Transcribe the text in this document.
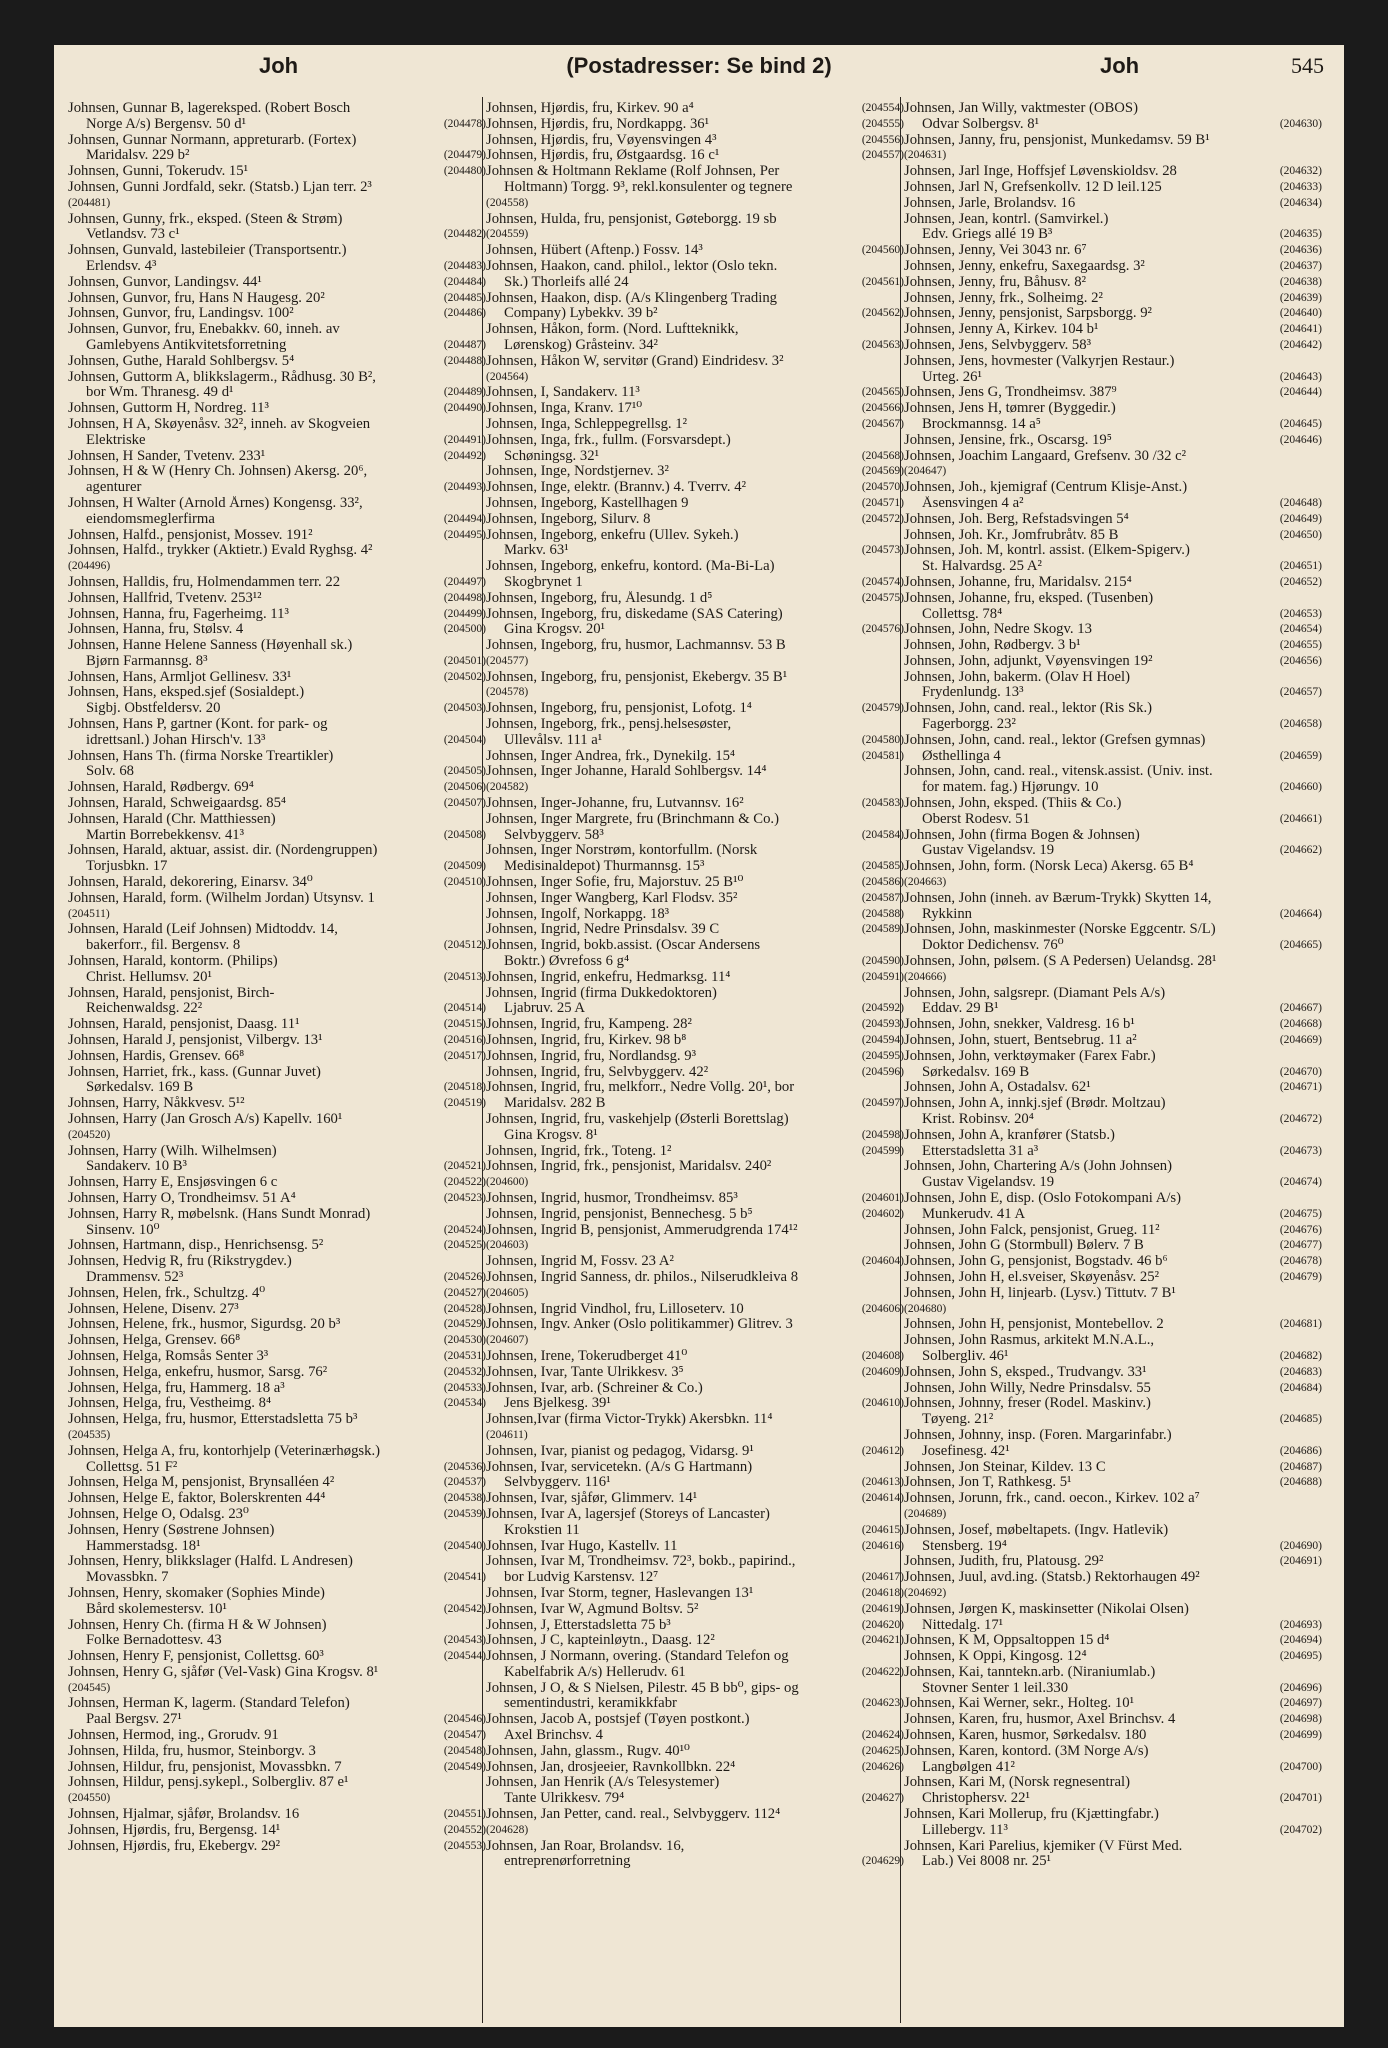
Joh	(Postadresser: Se bind 2)	Joh	545
Johnsen, Gunnar B, lagereksped. (Robert Bosch
Norge A/s) Bergensv. 50 d¹	(204478)
Johnsen, Gunnar Normann, appreturarb. (Fortex)
Maridalsv. 229 b²	(204479)
Johnsen, Gunni, Tokerudv. 15¹	(204480)
Johnsen, Gunni Jordfald, sekr. (Statsb.) Ljan terr. 2³
(204481)
Johnsen, Gunny, frk., eksped. (Steen & Strøm)
Vetlandsv. 73 c¹	(204482)
Johnsen, Gunvald, lastebileier (Transportsentr.)
Erlendsv. 4³	(204483)
Johnsen, Gunvor, Landingsv. 44¹	(204484)
Johnsen, Gunvor, fru, Hans N Haugesg. 20²	(204485)
Johnsen, Gunvor, fru, Landingsv. 100²	(204486)
Johnsen, Gunvor, fru, Enebakkv. 60, inneh. av
Gamlebyens Antikvitetsforretning	(204487)
Johnsen, Guthe, Harald Sohlbergsv. 5⁴	(204488)
Johnsen, Guttorm A, blikkslagerm., Rådhusg. 30 B²,
bor Wm. Thranesg. 49 d¹	(204489)
Johnsen, Guttorm H, Nordreg. 11³	(204490)
Johnsen, H A, Skøyenåsv. 32², inneh. av Skogveien
Elektriske	(204491)
Johnsen, H Sander, Tvetenv. 233¹	(204492)
Johnsen, H & W (Henry Ch. Johnsen) Akersg. 20⁶,
agenturer	(204493)
Johnsen, H Walter (Arnold Årnes) Kongensg. 33²,
eiendomsmeglerfirma	(204494)
Johnsen, Halfd., pensjonist, Mossev. 191²	(204495)
Johnsen, Halfd., trykker (Aktietr.) Evald Ryghsg. 4²
(204496)
Johnsen, Halldis, fru, Holmendammen terr. 22	(204497)
Johnsen, Hallfrid, Tvetenv. 253¹²	(204498)
Johnsen, Hanna, fru, Fagerheimg. 11³	(204499)
Johnsen, Hanna, fru, Stølsv. 4	(204500)
Johnsen, Hanne Helene Sanness (Høyenhall sk.)
Bjørn Farmannsg. 8³	(204501)
Johnsen, Hans, Armljot Gellinesv. 33¹	(204502)
Johnsen, Hans, eksped.sjef (Sosialdept.)
Sigbj. Obstfeldersv. 20	(204503)
Johnsen, Hans P, gartner (Kont. for park- og
idrettsanl.) Johan Hirsch'v. 13³	(204504)
Johnsen, Hans Th. (firma Norske Treartikler)
Solv. 68	(204505)
Johnsen, Harald, Rødbergv. 69⁴	(204506)
Johnsen, Harald, Schweigaardsg. 85⁴	(204507)
Johnsen, Harald (Chr. Matthiessen)
Martin Borrebekkensv. 41³	(204508)
Johnsen, Harald, aktuar, assist. dir. (Nordengruppen)
Torjusbkn. 17	(204509)
Johnsen, Harald, dekorering, Einarsv. 34⁰	(204510)
Johnsen, Harald, form. (Wilhelm Jordan) Utsynsv. 1
(204511)
Johnsen, Harald (Leif Johnsen) Midtoddv. 14,
bakerforr., fil. Bergensv. 8	(204512)
Johnsen, Harald, kontorm. (Philips)
Christ. Hellumsv. 20¹	(204513)
Johnsen, Harald, pensjonist, Birch-
Reichenwaldsg. 22²	(204514)
Johnsen, Harald, pensjonist, Daasg. 11¹	(204515)
Johnsen, Harald J, pensjonist, Vilbergv. 13¹	(204516)
Johnsen, Hardis, Grensev. 66⁸	(204517)
Johnsen, Harriet, frk., kass. (Gunnar Juvet)
Sørkedalsv. 169 B	(204518)
Johnsen, Harry, Nåkkvesv. 5¹²	(204519)
Johnsen, Harry (Jan Grosch A/s) Kapellv. 160¹
(204520)
Johnsen, Harry (Wilh. Wilhelmsen)
Sandakerv. 10 B³	(204521)
Johnsen, Harry E, Ensjøsvingen 6 c	(204522)
Johnsen, Harry O, Trondheimsv. 51 A⁴	(204523)
Johnsen, Harry R, møbelsnk. (Hans Sundt Monrad)
Sinsenv. 10⁰	(204524)
Johnsen, Hartmann, disp., Henrichsensg. 5²	(204525)
Johnsen, Hedvig R, fru (Rikstrygdev.)
Drammensv. 52³	(204526)
Johnsen, Helen, frk., Schultzg. 4⁰	(204527)
Johnsen, Helene, Disenv. 27³	(204528)
Johnsen, Helene, frk., husmor, Sigurdsg. 20 b³	(204529)
Johnsen, Helga, Grensev. 66⁸	(204530)
Johnsen, Helga, Romsås Senter 3³	(204531)
Johnsen, Helga, enkefru, husmor, Sarsg. 76²	(204532)
Johnsen, Helga, fru, Hammerg. 18 a³	(204533)
Johnsen, Helga, fru, Vestheimg. 8⁴	(204534)
Johnsen, Helga, fru, husmor, Etterstadsletta 75 b³
(204535)
Johnsen, Helga A, fru, kontorhjelp (Veterinærhøgsk.)
Collettsg. 51 F²	(204536)
Johnsen, Helga M, pensjonist, Brynsalléen 4²	(204537)
Johnsen, Helge E, faktor, Bolerskrenten 44⁴	(204538)
Johnsen, Helge O, Odalsg. 23⁰	(204539)
Johnsen, Henry (Søstrene Johnsen)
Hammerstadsg. 18¹	(204540)
Johnsen, Henry, blikkslager (Halfd. L Andresen)
Movassbkn. 7	(204541)
Johnsen, Henry, skomaker (Sophies Minde)
Bård skolemestersv. 10¹	(204542)
Johnsen, Henry Ch. (firma H & W Johnsen)
Folke Bernadottesv. 43	(204543)
Johnsen, Henry F, pensjonist, Collettsg. 60³	(204544)
Johnsen, Henry G, sjåfør (Vel-Vask) Gina Krogsv. 8¹
(204545)
Johnsen, Herman K, lagerm. (Standard Telefon)
Paal Bergsv. 27¹	(204546)
Johnsen, Hermod, ing., Grorudv. 91	(204547)
Johnsen, Hilda, fru, husmor, Steinborgv. 3	(204548)
Johnsen, Hildur, fru, pensjonist, Movassbkn. 7	(204549)
Johnsen, Hildur, pensj.sykepl., Solbergliv. 87 e¹
(204550)
Johnsen, Hjalmar, sjåfør, Brolandsv. 16	(204551)
Johnsen, Hjørdis, fru, Bergensg. 14¹	(204552)
Johnsen, Hjørdis, fru, Ekebergv. 29²	(204553)
Johnsen, Hjørdis, fru, Kirkev. 90 a⁴	(204554)
Johnsen, Hjørdis, fru, Nordkappg. 36¹	(204555)
Johnsen, Hjørdis, fru, Vøyensvingen 4³	(204556)
Johnsen, Hjørdis, fru, Østgaardsg. 16 c¹	(204557)
Johnsen & Holtmann Reklame (Rolf Johnsen, Per
Holtmann) Torgg. 9³, rekl.konsulenter og tegnere
(204558)
Johnsen, Hulda, fru, pensjonist, Gøteborgg. 19 sb
(204559)
Johnsen, Hübert (Aftenp.) Fossv. 14³	(204560)
Johnsen, Haakon, cand. philol., lektor (Oslo tekn.
Sk.) Thorleifs allé 24	(204561)
Johnsen, Haakon, disp. (A/s Klingenberg Trading
Company) Lybekkv. 39 b²	(204562)
Johnsen, Håkon, form. (Nord. Luftteknikk,
Lørenskog) Gråsteinv. 34²	(204563)
Johnsen, Håkon W, servitør (Grand) Eindridesv. 3²
(204564)
Johnsen, I, Sandakerv. 11³	(204565)
Johnsen, Inga, Kranv. 17¹⁰	(204566)
Johnsen, Inga, Schleppegrellsg. 1²	(204567)
Johnsen, Inga, frk., fullm. (Forsvarsdept.)
Schøningsg. 32¹	(204568)
Johnsen, Inge, Nordstjernev. 3²	(204569)
Johnsen, Inge, elektr. (Brannv.) 4. Tverrv. 4²	(204570)
Johnsen, Ingeborg, Kastellhagen 9	(204571)
Johnsen, Ingeborg, Silurv. 8	(204572)
Johnsen, Ingeborg, enkefru (Ullev. Sykeh.)
Markv. 63¹	(204573)
Johnsen, Ingeborg, enkefru, kontord. (Ma-Bi-La)
Skogbrynet 1	(204574)
Johnsen, Ingeborg, fru, Ålesundg. 1 d⁵	(204575)
Johnsen, Ingeborg, fru, diskedame (SAS Catering)
Gina Krogsv. 20¹	(204576)
Johnsen, Ingeborg, fru, husmor, Lachmannsv. 53 B
(204577)
Johnsen, Ingeborg, fru, pensjonist, Ekebergv. 35 B¹
(204578)
Johnsen, Ingeborg, fru, pensjonist, Lofotg. 1⁴	(204579)
Johnsen, Ingeborg, frk., pensj.helsesøster,
Ullevålsv. 111 a¹	(204580)
Johnsen, Inger Andrea, frk., Dynekilg. 15⁴	(204581)
Johnsen, Inger Johanne, Harald Sohlbergsv. 14⁴
(204582)
Johnsen, Inger-Johanne, fru, Lutvannsv. 16²	(204583)
Johnsen, Inger Margrete, fru (Brinchmann & Co.)
Selvbyggerv. 58³	(204584)
Johnsen, Inger Norstrøm, kontorfullm. (Norsk
Medisinaldepot) Thurmannsg. 15³	(204585)
Johnsen, Inger Sofie, fru, Majorstuv. 25 B¹⁰	(204586)
Johnsen, Inger Wangberg, Karl Flodsv. 35²	(204587)
Johnsen, Ingolf, Norkappg. 18³	(204588)
Johnsen, Ingrid, Nedre Prinsdalsv. 39 C	(204589)
Johnsen, Ingrid, bokb.assist. (Oscar Andersens
Boktr.) Øvrefoss 6 g⁴	(204590)
Johnsen, Ingrid, enkefru, Hedmarksg. 11⁴	(204591)
Johnsen, Ingrid (firma Dukkedoktoren)
Ljabruv. 25 A	(204592)
Johnsen, Ingrid, fru, Kampeng. 28²	(204593)
Johnsen, Ingrid, fru, Kirkev. 98 b⁸	(204594)
Johnsen, Ingrid, fru, Nordlandsg. 9³	(204595)
Johnsen, Ingrid, fru, Selvbyggerv. 42²	(204596)
Johnsen, Ingrid, fru, melkforr., Nedre Vollg. 20¹, bor
Maridalsv. 282 B	(204597)
Johnsen, Ingrid, fru, vaskehjelp (Østerli Borettslag)
Gina Krogsv. 8¹	(204598)
Johnsen, Ingrid, frk., Toteng. 1²	(204599)
Johnsen, Ingrid, frk., pensjonist, Maridalsv. 240²
(204600)
Johnsen, Ingrid, husmor, Trondheimsv. 85³	(204601)
Johnsen, Ingrid, pensjonist, Bennechesg. 5 b⁵	(204602)
Johnsen, Ingrid B, pensjonist, Ammerudgrenda 174¹²
(204603)
Johnsen, Ingrid M, Fossv. 23 A²	(204604)
Johnsen, Ingrid Sanness, dr. philos., Nilserudkleiva 8
(204605)
Johnsen, Ingrid Vindhol, fru, Lilloseterv. 10	(204606)
Johnsen, Ingv. Anker (Oslo politikammer) Glitrev. 3
(204607)
Johnsen, Irene, Tokerudberget 41⁰	(204608)
Johnsen, Ivar, Tante Ulrikkesv. 3⁵	(204609)
Johnsen, Ivar, arb. (Schreiner & Co.)
Jens Bjelkesg. 39¹	(204610)
Johnsen,Ivar (firma Victor-Trykk) Akersbkn. 11⁴
(204611)
Johnsen, Ivar, pianist og pedagog, Vidarsg. 9¹	(204612)
Johnsen, Ivar, servicetekn. (A/s G Hartmann)
Selvbyggerv. 116¹	(204613)
Johnsen, Ivar, sjåfør, Glimmerv. 14¹	(204614)
Johnsen, Ivar A, lagersjef (Storeys of Lancaster)
Krokstien 11	(204615)
Johnsen, Ivar Hugo, Kastellv. 11	(204616)
Johnsen, Ivar M, Trondheimsv. 72³, bokb., papirind.,
bor Ludvig Karstensv. 12⁷	(204617)
Johnsen, Ivar Storm, tegner, Haslevangen 13¹	(204618)
Johnsen, Ivar W, Agmund Boltsv. 5²	(204619)
Johnsen, J, Etterstadsletta 75 b³	(204620)
Johnsen, J C, kapteinløytn., Daasg. 12²	(204621)
Johnsen, J Normann, overing. (Standard Telefon og
Kabelfabrik A/s) Hellerudv. 61	(204622)
Johnsen, J O, & S Nielsen, Pilestr. 45 B bb⁰, gips- og
sementindustri, keramikkfabr	(204623)
Johnsen, Jacob A, postsjef (Tøyen postkont.)
Axel Brinchsv. 4	(204624)
Johnsen, Jahn, glassm., Rugv. 40¹⁰	(204625)
Johnsen, Jan, drosjeeier, Ravnkollbkn. 22⁴	(204626)
Johnsen, Jan Henrik (A/s Telesystemer)
Tante Ulrikkesv. 79⁴	(204627)
Johnsen, Jan Petter, cand. real., Selvbyggerv. 112⁴
(204628)
Johnsen, Jan Roar, Brolandsv. 16,
entreprenørforretning	(204629)
Johnsen, Jan Willy, vaktmester (OBOS)
Odvar Solbergsv. 8¹	(204630)
Johnsen, Janny, fru, pensjonist, Munkedamsv. 59 B¹
(204631)
Johnsen, Jarl Inge, Hoffsjef Løvenskioldsv. 28	(204632)
Johnsen, Jarl N, Grefsenkollv. 12 D leil.125	(204633)
Johnsen, Jarle, Brolandsv. 16	(204634)
Johnsen, Jean, kontrl. (Samvirkel.)
Edv. Griegs allé 19 B³	(204635)
Johnsen, Jenny, Vei 3043 nr. 6⁷	(204636)
Johnsen, Jenny, enkefru, Saxegaardsg. 3²	(204637)
Johnsen, Jenny, fru, Båhusv. 8²	(204638)
Johnsen, Jenny, frk., Solheimg. 2²	(204639)
Johnsen, Jenny, pensjonist, Sarpsborgg. 9²	(204640)
Johnsen, Jenny A, Kirkev. 104 b¹	(204641)
Johnsen, Jens, Selvbyggerv. 58³	(204642)
Johnsen, Jens, hovmester (Valkyrjen Restaur.)
Urteg. 26¹	(204643)
Johnsen, Jens G, Trondheimsv. 387⁹	(204644)
Johnsen, Jens H, tømrer (Byggedir.)
Brockmannsg. 14 a⁵	(204645)
Johnsen, Jensine, frk., Oscarsg. 19⁵	(204646)
Johnsen, Joachim Langaard, Grefsenv. 30 /32 c²
(204647)
Johnsen, Joh., kjemigraf (Centrum Klisje-Anst.)
Åsensvingen 4 a²	(204648)
Johnsen, Joh. Berg, Refstadsvingen 5⁴	(204649)
Johnsen, Joh. Kr., Jomfrubråtv. 85 B	(204650)
Johnsen, Joh. M, kontrl. assist. (Elkem-Spigerv.)
St. Halvardsg. 25 A²	(204651)
Johnsen, Johanne, fru, Maridalsv. 215⁴	(204652)
Johnsen, Johanne, fru, eksped. (Tusenben)
Collettsg. 78⁴	(204653)
Johnsen, John, Nedre Skogv. 13	(204654)
Johnsen, John, Rødbergv. 3 b¹	(204655)
Johnsen, John, adjunkt, Vøyensvingen 19²	(204656)
Johnsen, John, bakerm. (Olav H Hoel)
Frydenlundg. 13³	(204657)
Johnsen, John, cand. real., lektor (Ris Sk.)
Fagerborgg. 23²	(204658)
Johnsen, John, cand. real., lektor (Grefsen gymnas)
Østhellinga 4	(204659)
Johnsen, John, cand. real., vitensk.assist. (Univ. inst.
for matem. fag.) Hjørungv. 10	(204660)
Johnsen, John, eksped. (Thiis & Co.)
Oberst Rodesv. 51	(204661)
Johnsen, John (firma Bogen & Johnsen)
Gustav Vigelandsv. 19	(204662)
Johnsen, John, form. (Norsk Leca) Akersg. 65 B⁴
(204663)
Johnsen, John (inneh. av Bærum-Trykk) Skytten 14,
Rykkinn	(204664)
Johnsen, John, maskinmester (Norske Eggcentr. S/L)
Doktor Dedichensv. 76⁰	(204665)
Johnsen, John, pølsem. (S A Pedersen) Uelandsg. 28¹
(204666)
Johnsen, John, salgsrepr. (Diamant Pels A/s)
Eddav. 29 B¹	(204667)
Johnsen, John, snekker, Valdresg. 16 b¹	(204668)
Johnsen, John, stuert, Bentsebrug. 11 a²	(204669)
Johnsen, John, verktøymaker (Farex Fabr.)
Sørkedalsv. 169 B	(204670)
Johnsen, John A, Ostadalsv. 62¹	(204671)
Johnsen, John A, innkj.sjef (Brødr. Moltzau)
Krist. Robinsv. 20⁴	(204672)
Johnsen, John A, kranfører (Statsb.)
Etterstadsletta 31 a³	(204673)
Johnsen, John, Chartering A/s (John Johnsen)
Gustav Vigelandsv. 19	(204674)
Johnsen, John E, disp. (Oslo Fotokompani A/s)
Munkerudv. 41 A	(204675)
Johnsen, John Falck, pensjonist, Grueg. 11²	(204676)
Johnsen, John G (Stormbull) Bølerv. 7 B	(204677)
Johnsen, John G, pensjonist, Bogstadv. 46 b⁶	(204678)
Johnsen, John H, el.sveiser, Skøyenåsv. 25²	(204679)
Johnsen, John H, linjearb. (Lysv.) Tittutv. 7 B¹
(204680)
Johnsen, John H, pensjonist, Montebellov. 2	(204681)
Johnsen, John Rasmus, arkitekt M.N.A.L.,
Solbergliv. 46¹	(204682)
Johnsen, John S, eksped., Trudvangv. 33¹	(204683)
Johnsen, John Willy, Nedre Prinsdalsv. 55	(204684)
Johnsen, Johnny, freser (Rodel. Maskinv.)
Tøyeng. 21²	(204685)
Johnsen, Johnny, insp. (Foren. Margarinfabr.)
Josefinesg. 42¹	(204686)
Johnsen, Jon Steinar, Kildev. 13 C	(204687)
Johnsen, Jon T, Rathkesg. 5¹	(204688)
Johnsen, Jorunn, frk., cand. oecon., Kirkev. 102 a⁷
(204689)
Johnsen, Josef, møbeltapets. (Ingv. Hatlevik)
Stensberg. 19⁴	(204690)
Johnsen, Judith, fru, Platousg. 29²	(204691)
Johnsen, Juul, avd.ing. (Statsb.) Rektorhaugen 49²
(204692)
Johnsen, Jørgen K, maskinsetter (Nikolai Olsen)
Nittedalg. 17¹	(204693)
Johnsen, K M, Oppsaltoppen 15 d⁴	(204694)
Johnsen, K Oppi, Kingosg. 12⁴	(204695)
Johnsen, Kai, tanntekn.arb. (Niraniumlab.)
Stovner Senter 1 leil.330	(204696)
Johnsen, Kai Werner, sekr., Holteg. 10¹	(204697)
Johnsen, Karen, fru, husmor, Axel Brinchsv. 4	(204698)
Johnsen, Karen, husmor, Sørkedalsv. 180	(204699)
Johnsen, Karen, kontord. (3M Norge A/s)
Langbølgen 41²	(204700)
Johnsen, Kari M, (Norsk regnesentral)
Christophersv. 22¹	(204701)
Johnsen, Kari Mollerup, fru (Kjættingfabr.)
Lillebergv. 11³	(204702)
Johnsen, Kari Parelius, kjemiker (V Fürst Med.
Lab.) Vei 8008 nr. 25¹
